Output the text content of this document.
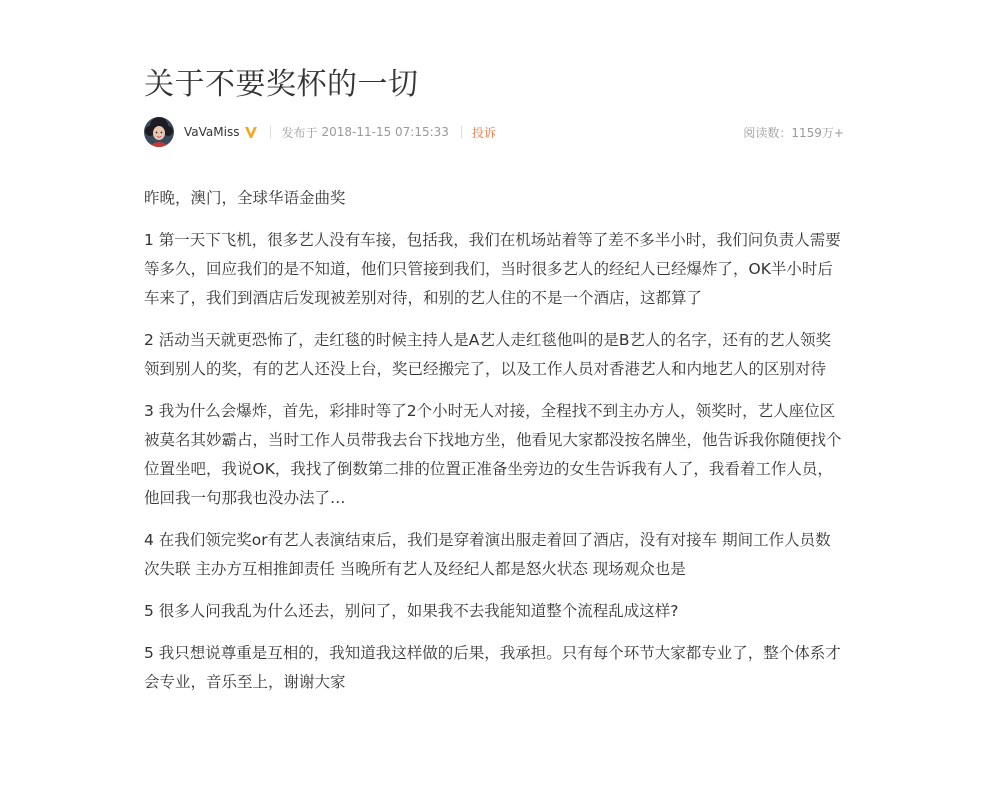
关于不要奖杯的一切
VaVaMiss	发布于 2018-11-15 07:15:33 投诉	阅读数：1159万+

昨晚，澳门，全球华语金曲奖

1 第一天下飞机，很多艺人没有车接，包括我，我们在机场站着等了差不多半小时，我们问负责人需要等多久，回应我们的是不知道，他们只管接到我们，当时很多艺人的经纪人已经爆炸了，OK半小时后车来了，我们到酒店后发现被差别对待，和别的艺人住的不是一个酒店，这都算了

2 活动当天就更恐怖了，走红毯的时候主持人是A艺人走红毯他叫的是B艺人的名字，还有的艺人领奖领到别人的奖，有的艺人还没上台，奖已经搬完了，以及工作人员对香港艺人和内地艺人的区别对待

3 我为什么会爆炸，首先，彩排时等了2个小时无人对接，全程找不到主办方人，领奖时，艺人座位区被莫名其妙霸占，当时工作人员带我去台下找地方坐，他看见大家都没按名牌坐，他告诉我你随便找个位置坐吧，我说OK，我找了倒数第二排的位置正准备坐旁边的女生告诉我有人了，我看着工作人员，他回我一句那我也没办法了…

4 在我们领完奖or有艺人表演结束后，我们是穿着演出服走着回了酒店，没有对接车 期间工作人员数次失联 主办方互相推卸责任 当晚所有艺人及经纪人都是怒火状态 现场观众也是

5 很多人问我乱为什么还去，别问了，如果我不去我能知道整个流程乱成这样?

5 我只想说尊重是互相的，我知道我这样做的后果，我承担。只有每个环节大家都专业了，整个体系才会专业，音乐至上，谢谢大家
